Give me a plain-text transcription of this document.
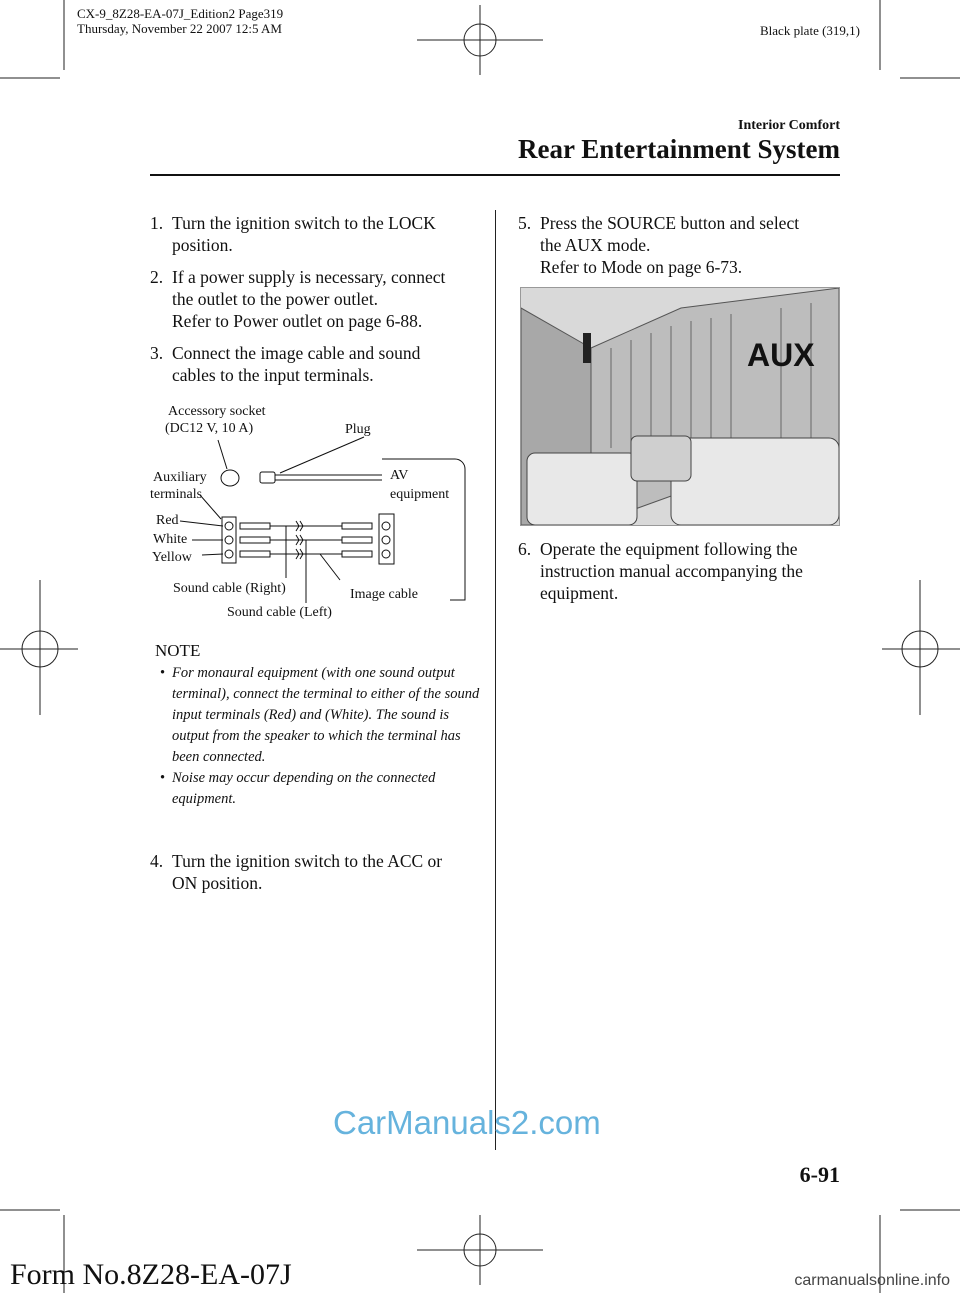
CX-9_8Z28-EA-07J_Edition2 Page319
Thursday, November 22 2007 12:5 AM	Black plate (319,1)
Interior Comfort
Rear Entertainment System
1. Turn the ignition switch to the LOCK
position.
2. If a power supply is necessary, connect
the outlet to the power outlet.
Refer to Power outlet on page 6-88.
3. Connect the image cable and sound
cables to the input terminals.
Accessory socket
(DC12 V, 10 A)	Plug
Auxiliary
terminals
AV
equipment
Red
White
Yellow
Sound cable (Right)	Image cable
Sound cable (Left)
NOTE
• For monaural equipment (with one sound output terminal), connect the terminal to either of the sound input terminals (Red) and (White). The sound is output from the speaker to which the terminal has been connected.
• Noise may occur depending on the connected equipment.
4. Turn the ignition switch to the ACC or
ON position.
5. Press the SOURCE button and select
the AUX mode.
Refer to Mode on page 6-73.
AUX
6. Operate the equipment following the
instruction manual accompanying the
equipment.
CarManuals2.com
6-91
Form No.8Z28-EA-07J	carmanualsonline.info
